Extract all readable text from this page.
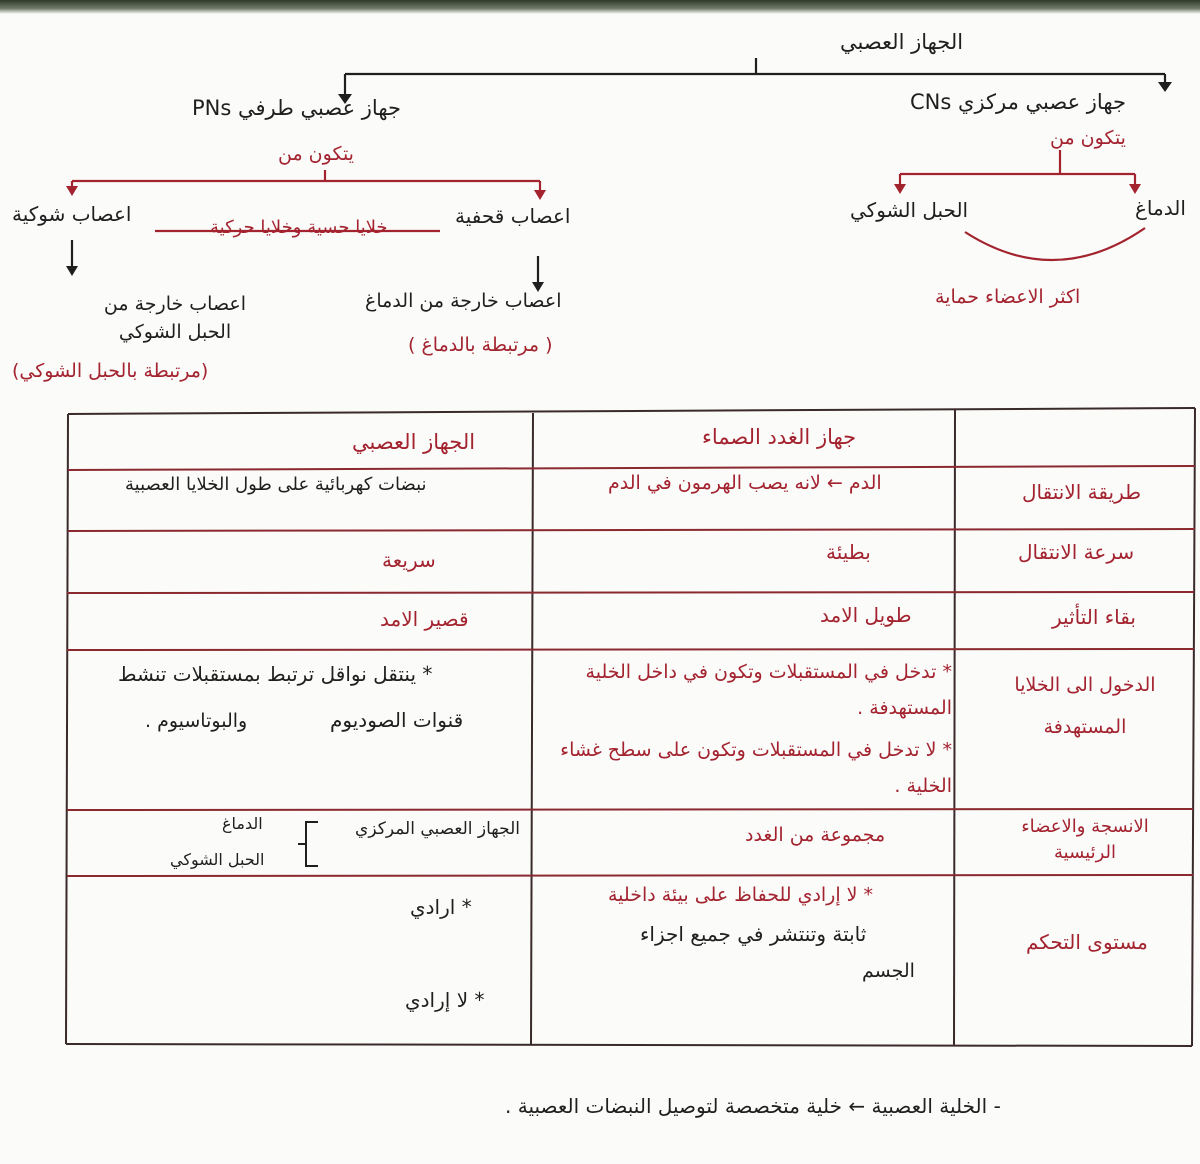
الجهاز العصبي
جهاز عصبي مركزي CNs
يتكون من
الدماغ
الحبل الشوكي
اكثر الاعضاء حماية
جهاز عصبي طرفي PNs
يتكون من
اعصاب قحفية
اعصاب شوكية
خلايا حسية وخلايا حركية
اعصاب خارجة من الدماغ
( مرتبطة بالدماغ )
اعصاب خارجة من الحبل الشوكي
(مرتبطة بالحبل الشوكي)
جهاز الغدد الصماء
الجهاز العصبي
طريقة الانتقال
الدم ← لانه يصب الهرمون في الدم
نبضات كهربائية على طول الخلايا العصبية
سرعة الانتقال
بطيئة
سريعة
بقاء التأثير
طويل الامد
قصير الامد
الدخول الى الخلايا المستهدفة
* تدخل في المستقبلات وتكون في داخل الخلية المستهدفة .
* لا تدخل في المستقبلات وتكون على سطح غشاء الخلية .
* ينتقل نواقل ترتبط بمستقبلات تنشط
قنوات الصوديوم
والبوتاسيوم .
الانسجة والاعضاء الرئيسية
مجموعة من الغدد
الجهاز العصبي المركزي
الدماغ
الحبل الشوكي
مستوى التحكم
* لا إرادي للحفاظ على بيئة داخلية
ثابتة وتنتشر في جميع اجزاء
الجسم
* ارادي
* لا إرادي
- الخلية العصبية ← خلية متخصصة لتوصيل النبضات العصبية .
